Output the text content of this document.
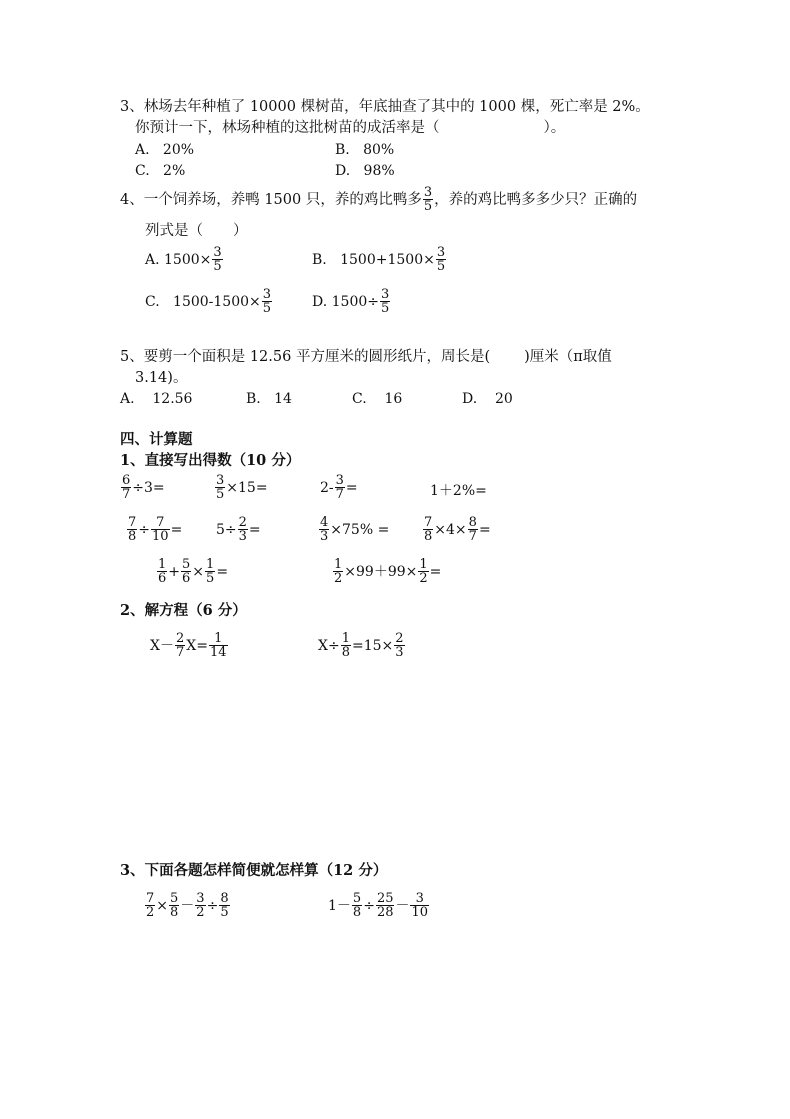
3、林场去年种植了 10000 棵树苗，年底抽查了其中的 1000 棵，死亡率是 2%。
你预计一下，林场种植的这批树苗的成活率是（	）。
A. 20%	B. 80%
C. 2%	D. 98%
4、一个饲养场，养鸭 1500 只，养的鸡比鸭多 $\frac{3}{5}$ ，养的鸡比鸭多多少只？正确的
列式是（ ）
A.
$1500\times \frac{3}{5}$	B.
$1500+1500\times \frac{3}{5}$
C.
$1500-1500\times \frac{3}{5}$	D.
$1500\div \frac{3}{5}$
5、要剪一个面积是 12.56 平方厘米的圆形纸片，周长是( )厘米（π取值
3.14)。
A. 12.56	B. 14	C. 16	D. 20
四、计算题
1、直接写出得数（10 分）
$\frac{6}{7} \div 3=$	$\frac{3}{5} \times 15=$	$2- \frac{3}{7}$ =	1＋2%=
$\frac{7}{8} \div \frac{7}{10} = 5\div \frac{2}{3}$ =	$\frac{4}{3} \times 75\%$ =	$\frac{7}{8} \times 4\times \frac{8}{7}$ =
$\frac{1}{6} + \frac{5}{6} \times \frac{1}{5}$ =	$\frac{1}{2} \times 99+99\times \frac{1}{2}$ =
2、解方程（6 分）
$X- \frac{2}{7} X= \frac{1}{14}$	$X\div \frac{1}{8} =15\times \frac{2}{3}$
3、下面各题怎样简便就怎样算（12 分）
$\frac{7}{2} \times \frac{5}{8} - \frac{3}{2} \div \frac{8}{5}$	$1- \frac{5}{8} \div \frac{25}{28} - \frac{3}{10}$
